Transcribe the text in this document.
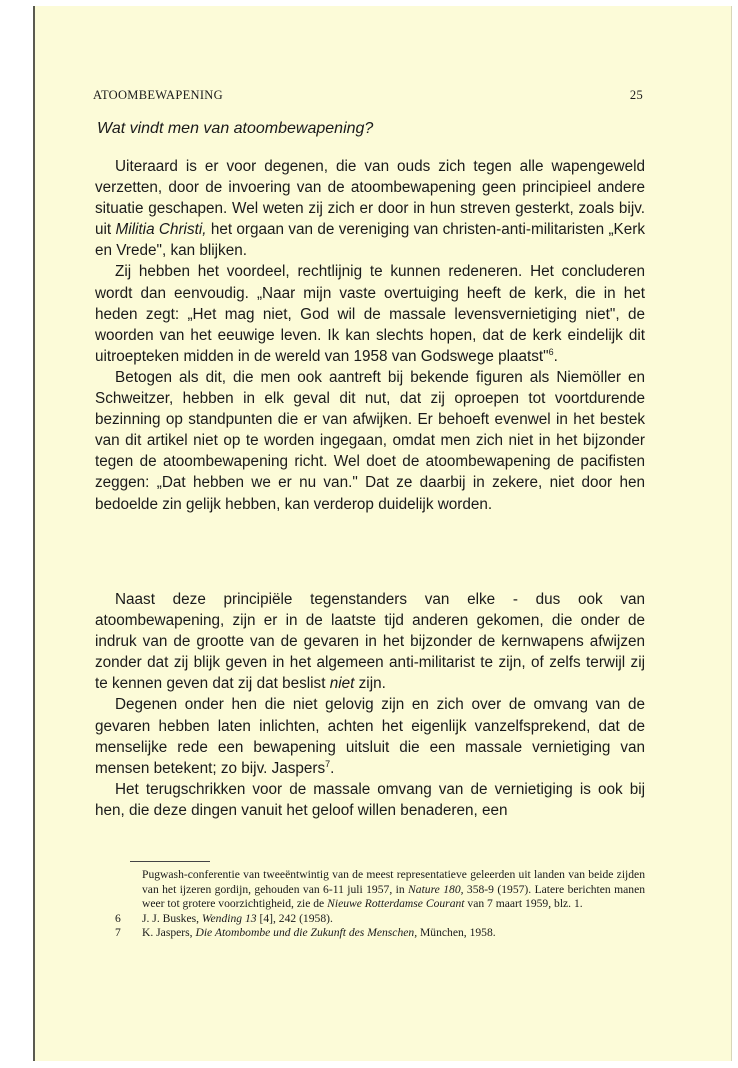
ATOOMBEWAPENING	25
Wat vindt men van atoombewapening?

Uiteraard is er voor degenen, die van ouds zich tegen alle wapengeweld verzetten, door de invoering van de atoombewapening geen principieel andere situatie geschapen. Wel weten zij zich er door in hun streven gesterkt, zoals bijv. uit Militia Christi, het orgaan van de vereniging van christen-anti-militaristen „Kerk en Vrede", kan blijken.

Zij hebben het voordeel, rechtlijnig te kunnen redeneren. Het concluderen wordt dan eenvoudig. „Naar mijn vaste overtuiging heeft de kerk, die in het heden zegt: „Het mag niet, God wil de massale levensvernietiging niet", de woorden van het eeuwige leven. Ik kan slechts hopen, dat de kerk eindelijk dit uitroepteken midden in de wereld van 1958 van Godswege plaatst"$^6$.

Betogen als dit, die men ook aantreft bij bekende figuren als Niemöller en Schweitzer, hebben in elk geval dit nut, dat zij oproepen tot voortdurende bezinning op standpunten die er van afwijken. Er behoeft evenwel in het bestek van dit artikel niet op te worden ingegaan, omdat men zich niet in het bijzonder tegen de atoombewapening richt. Wel doet de atoombewapening de pacifisten zeggen: „Dat hebben we er nu van." Dat ze daarbij in zekere, niet door hen bedoelde zin gelijk hebben, kan verderop duidelijk worden.

Naast deze principiële tegenstanders van elke - dus ook van atoombewapening, zijn er in de laatste tijd anderen gekomen, die onder de indruk van de grootte van de gevaren in het bijzonder de kernwapens afwijzen zonder dat zij blijk geven in het algemeen anti-militarist te zijn, of zelfs terwijl zij te kennen geven dat zij dat beslist niet zijn.

Degenen onder hen die niet gelovig zijn en zich over de omvang van de gevaren hebben laten inlichten, achten het eigenlijk vanzelfsprekend, dat de menselijke rede een bewapening uitsluit die een massale vernietiging van mensen betekent; zo bijv. Jaspers$^7$.

Het terugschrikken voor de massale omvang van de vernietiging is ook bij hen, die deze dingen vanuit het geloof willen benaderen, een

Pugwash-conferentie van tweeëntwintig van de meest representatieve geleerden uit landen van beide zijden van het ijzeren gordijn, gehouden van 6-11 juli 1957, in Nature 180, 358-9 (1957). Latere berichten manen weer tot grotere voorzichtigheid, zie de Nieuwe Rotterdamse Courant van 7 maart 1959, blz. 1.
6 J. J. Buskes, Wending 13 [4], 242 (1958).
7 K. Jaspers, Die Atombombe und die Zukunft des Menschen, München, 1958.
